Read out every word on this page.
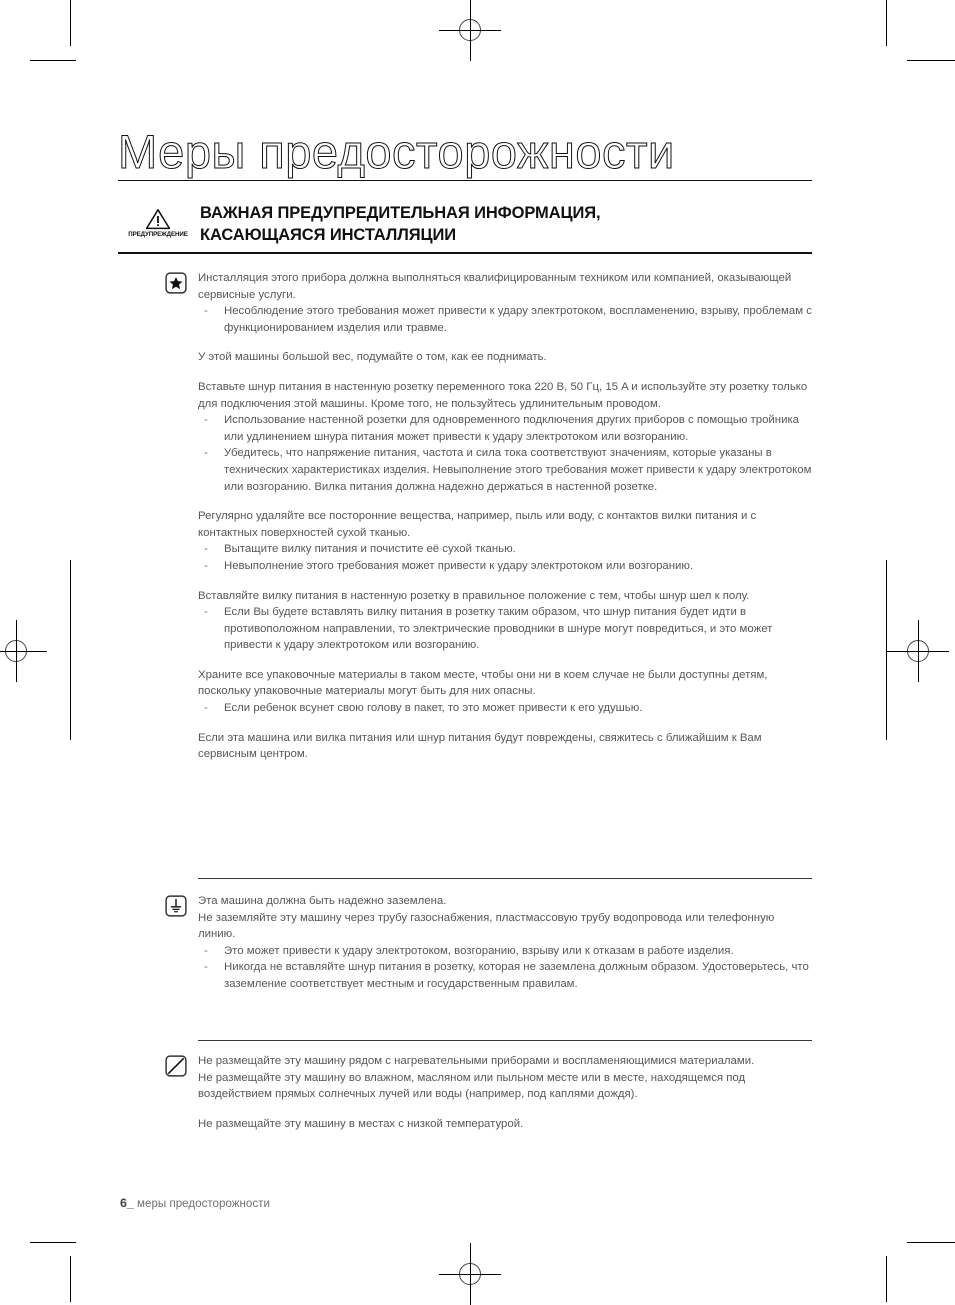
Меры предосторожности
ПРЕДУПРЕЖДЕНИЕ
ВАЖНАЯ ПРЕДУПРЕДИТЕЛЬНАЯ ИНФОРМАЦИЯ,
КАСАЮЩАЯСЯ ИНСТАЛЛЯЦИИ

Инсталляция этого прибора должна выполняться квалифицированным техником или компанией, оказывающей сервисные услуги.

- Несоблюдение этого требования может привести к удару электротоком, воспламенению, взрыву, проблемам с функционированием изделия или травме.

У этой машины большой вес, подумайте о том, как ее поднимать.

Вставьте шнур питания в настенную розетку переменного тока 220 В, 50 Гц, 15 A и используйте эту розетку только для подключения этой машины. Кроме того, не пользуйтесь удлинительным проводом.

- Использование настенной розетки для одновременного подключения других приборов с помощью тройника или удлинением шнура питания может привести к удару электротоком или возгоранию.
- Убедитесь, что напряжение питания, частота и сила тока соответствуют значениям, которые указаны в технических характеристиках изделия. Невыполнение этого требования может привести к удару электротоком или возгоранию. Вилка питания должна надежно держаться в настенной розетке.

Регулярно удаляйте все посторонние вещества, например, пыль или воду, с контактов вилки питания и с контактных поверхностей сухой тканью.

- Вытащите вилку питания и почистите её сухой тканью.
- Невыполнение этого требования может привести к удару электротоком или возгоранию.

Вставляйте вилку питания в настенную розетку в правильное положение с тем, чтобы шнур шел к полу.

- Если Вы будете вставлять вилку питания в розетку таким образом, что шнур питания будет идти в противоположном направлении, то электрические проводники в шнуре могут повредиться, и это может привести к удару электротоком или возгоранию.

Храните все упаковочные материалы в таком месте, чтобы они ни в коем случае не были доступны детям, поскольку упаковочные материалы могут быть для них опасны.

- Если ребенок всунет свою голову в пакет, то это может привести к его удушью.

Если эта машина или вилка питания или шнур питания будут повреждены, свяжитесь с ближайшим к Вам сервисным центром.

Эта машина должна быть надежно заземлена.

Не заземляйте эту машину через трубу газоснабжения, пластмассовую трубу водопровода или телефонную линию.

- Это может привести к удару электротоком, возгоранию, взрыву или к отказам в работе изделия.
- Никогда не вставляйте шнур питания в розетку, которая не заземлена должным образом. Удостоверьтесь, что заземление соответствует местным и государственным правилам.

Не размещайте эту машину рядом с нагревательными приборами и воспламеняющимися материалами.

Не размещайте эту машину во влажном, масляном или пыльном месте или в месте, находящемся под воздействием прямых солнечных лучей или воды (например, под каплями дождя).

Не размещайте эту машину в местах с низкой температурой.

6_ меры предосторожности
